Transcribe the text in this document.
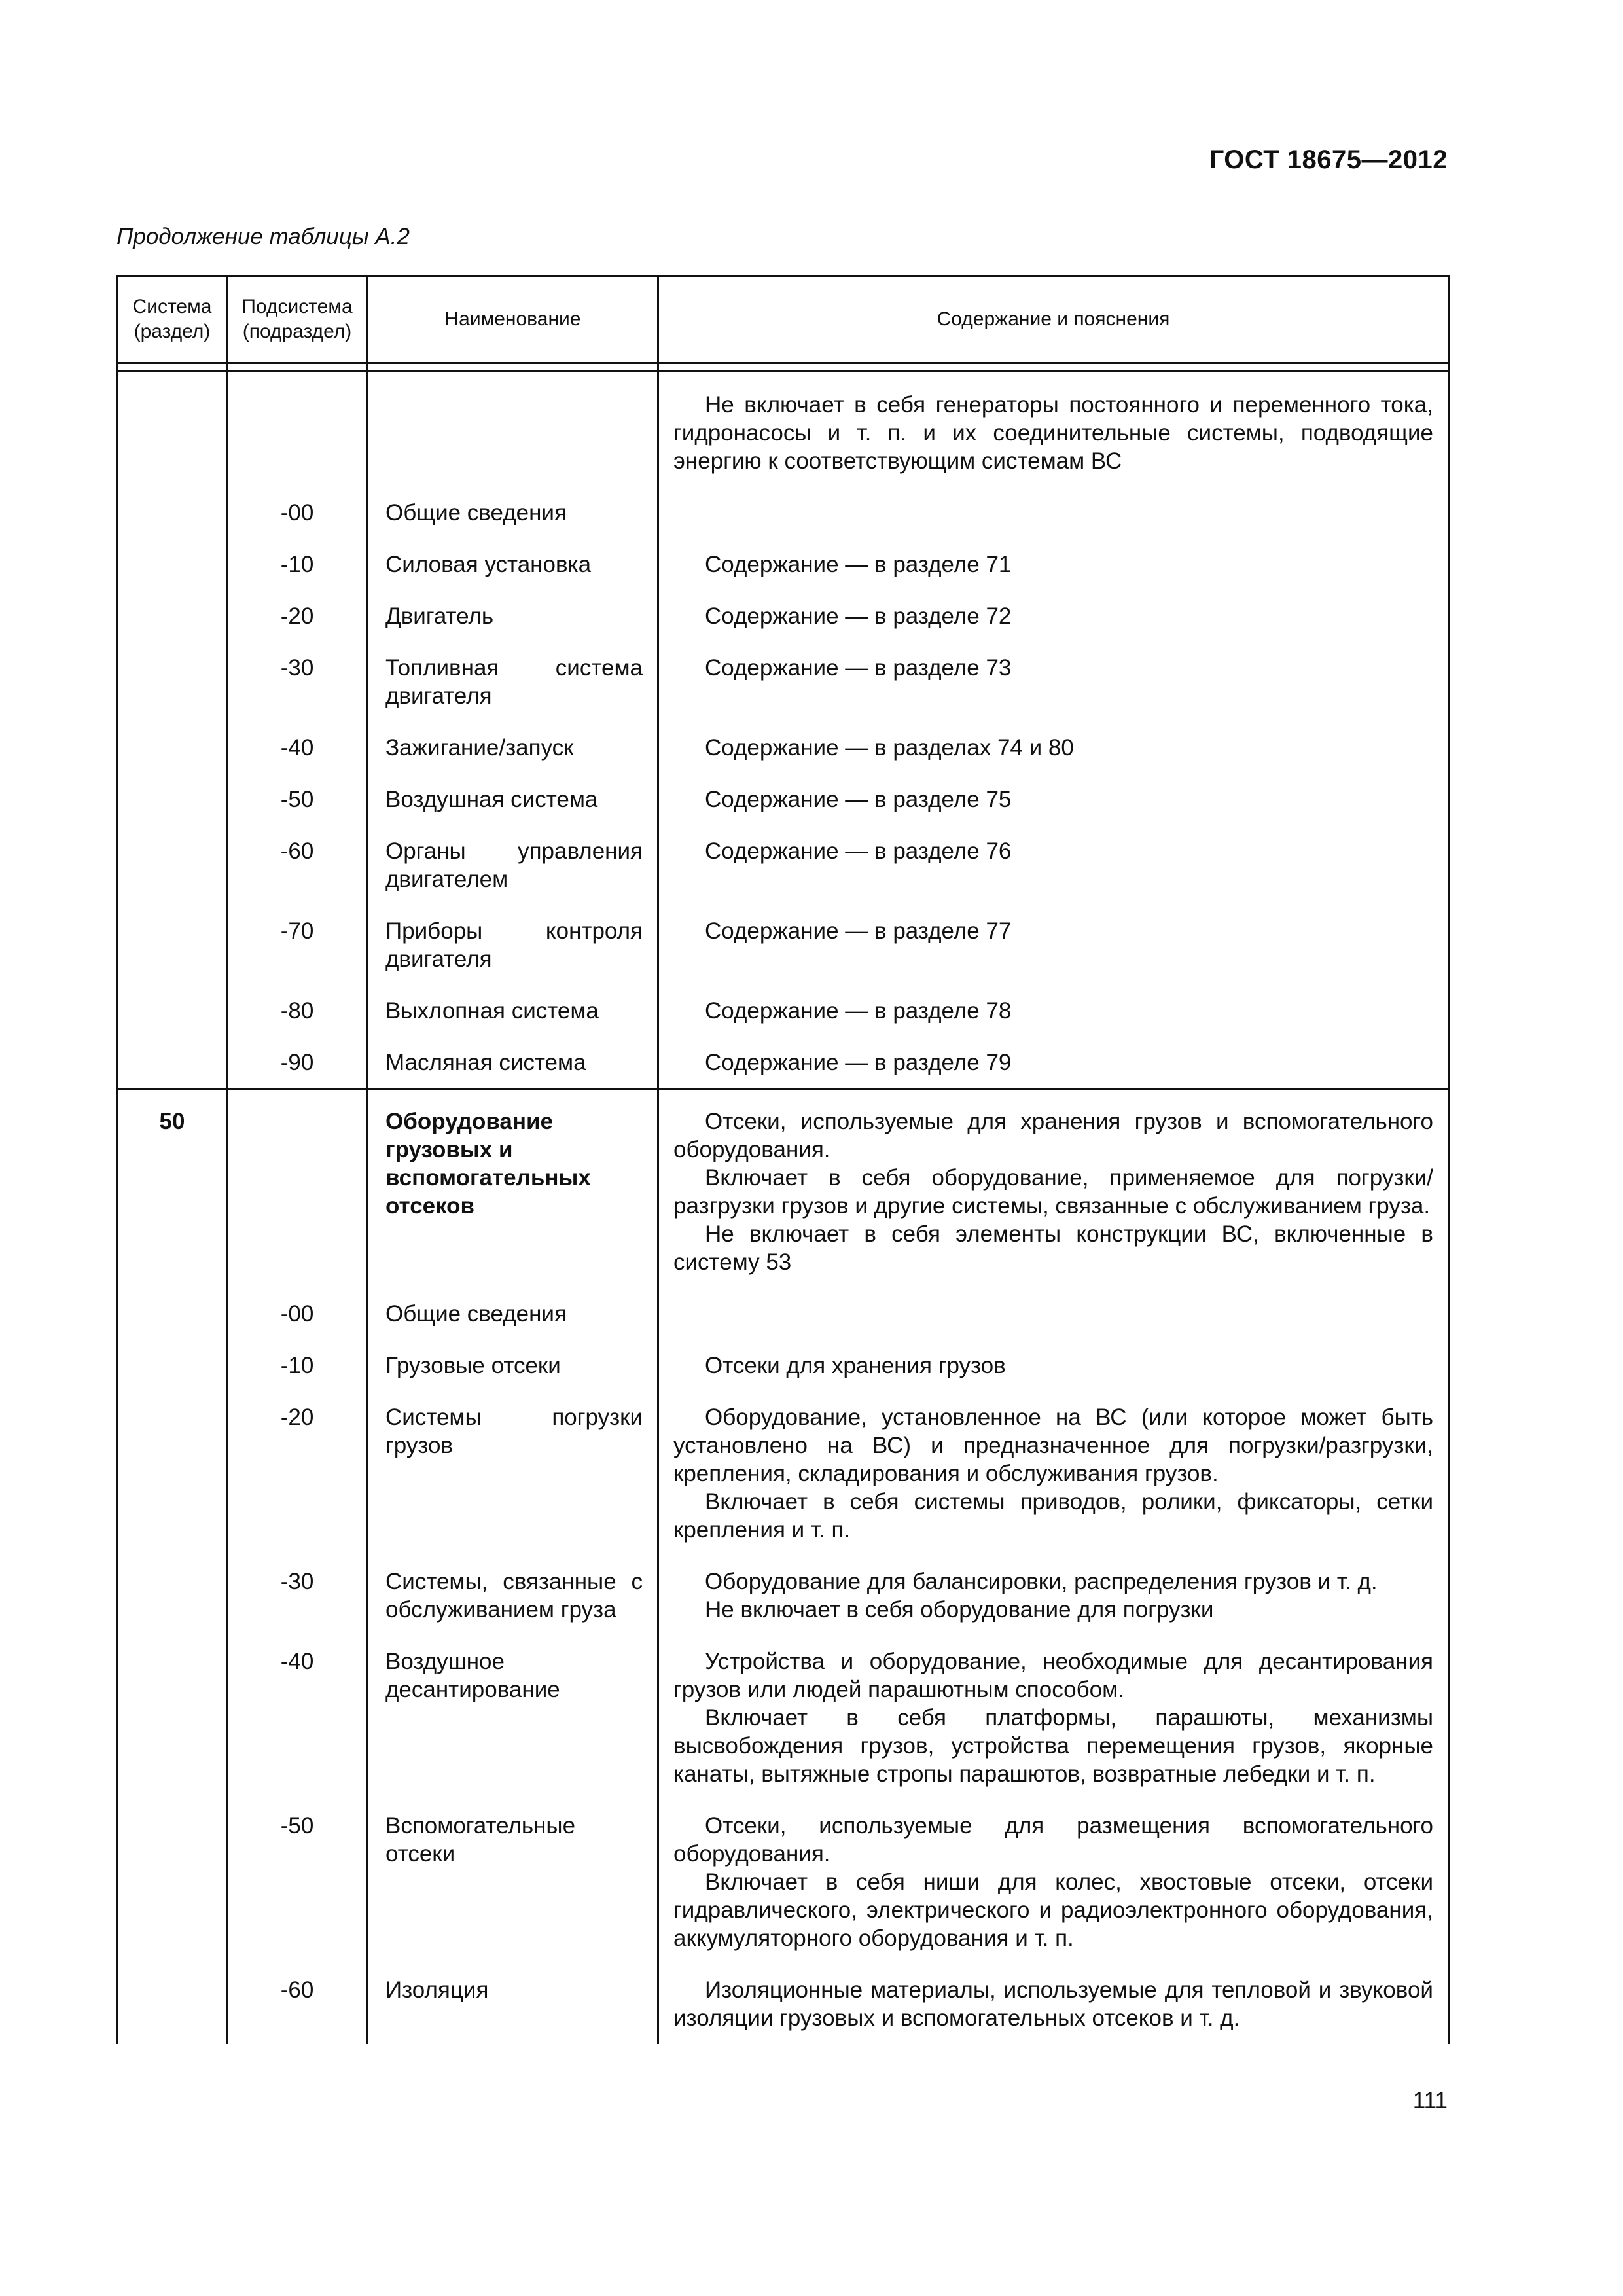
ГОСТ 18675—2012
Продолжение таблицы А.2
Система (раздел)	Подсистема (подраздел)	Наименование	Содержание и пояснения

			Не включает в себя генераторы постоянного и переменного тока, гидронасосы и т. п. и их соединительные системы, подводящие энергию к соответствующим системам ВС

	-00	Общие сведения	
	-10	Силовая установка	Содержание — в разделе 71

	-20	Двигатель	Содержание — в разделе 72

	-30	Топливная система двигателя	Содержание — в разделе 73

	-40	Зажигание/запуск	Содержание — в разделах 74 и 80

	-50	Воздушная система	Содержание — в разделе 75

	-60	Органы управления двигателем	Содержание — в разделе 76

	-70	Приборы контроля двигателя	Содержание — в разделе 77

	-80	Выхлопная система	Содержание — в разделе 78

	-90	Масляная система	Содержание — в разделе 79

50		Оборудование грузовых и вспомогательных отсеков	Отсеки, используемые для хранения грузов и вспомогательного оборудования.

Включает в себя оборудование, применяемое для погрузки/разгрузки грузов и другие системы, связанные с обслуживанием груза.

Не включает в себя элементы конструкции ВС, включенные в систему 53

	-00	Общие сведения	
	-10	Грузовые отсеки	Отсеки для хранения грузов

	-20	Системы погрузки грузов	Оборудование, установленное на ВС (или которое может быть установлено на ВС) и предназначенное для погрузки/разгрузки, крепления, складирования и обслуживания грузов.

Включает в себя системы приводов, ролики, фиксаторы, сетки крепления и т. п.

	-30	Системы, связанные с обслуживанием груза	Оборудование для балансировки, распределения грузов и т. д.

Не включает в себя оборудование для погрузки

	-40	Воздушное десантирование	Устройства и оборудование, необходимые для десантирования грузов или людей парашютным способом.

Включает в себя платформы, парашюты, механизмы высвобождения грузов, устройства перемещения грузов, якорные канаты, вытяжные стропы парашютов, возвратные лебедки и т. п.

	-50	Вспомогательные отсеки	Отсеки, используемые для размещения вспомогательного оборудования.

Включает в себя ниши для колес, хвостовые отсеки, отсеки гидравлического, электрического и радиоэлектронного оборудования, аккумуляторного оборудования и т. п.

	-60	Изоляция	Изоляционные материалы, используемые для тепловой и звуковой изоляции грузовых и вспомогательных отсеков и т. д.

111
